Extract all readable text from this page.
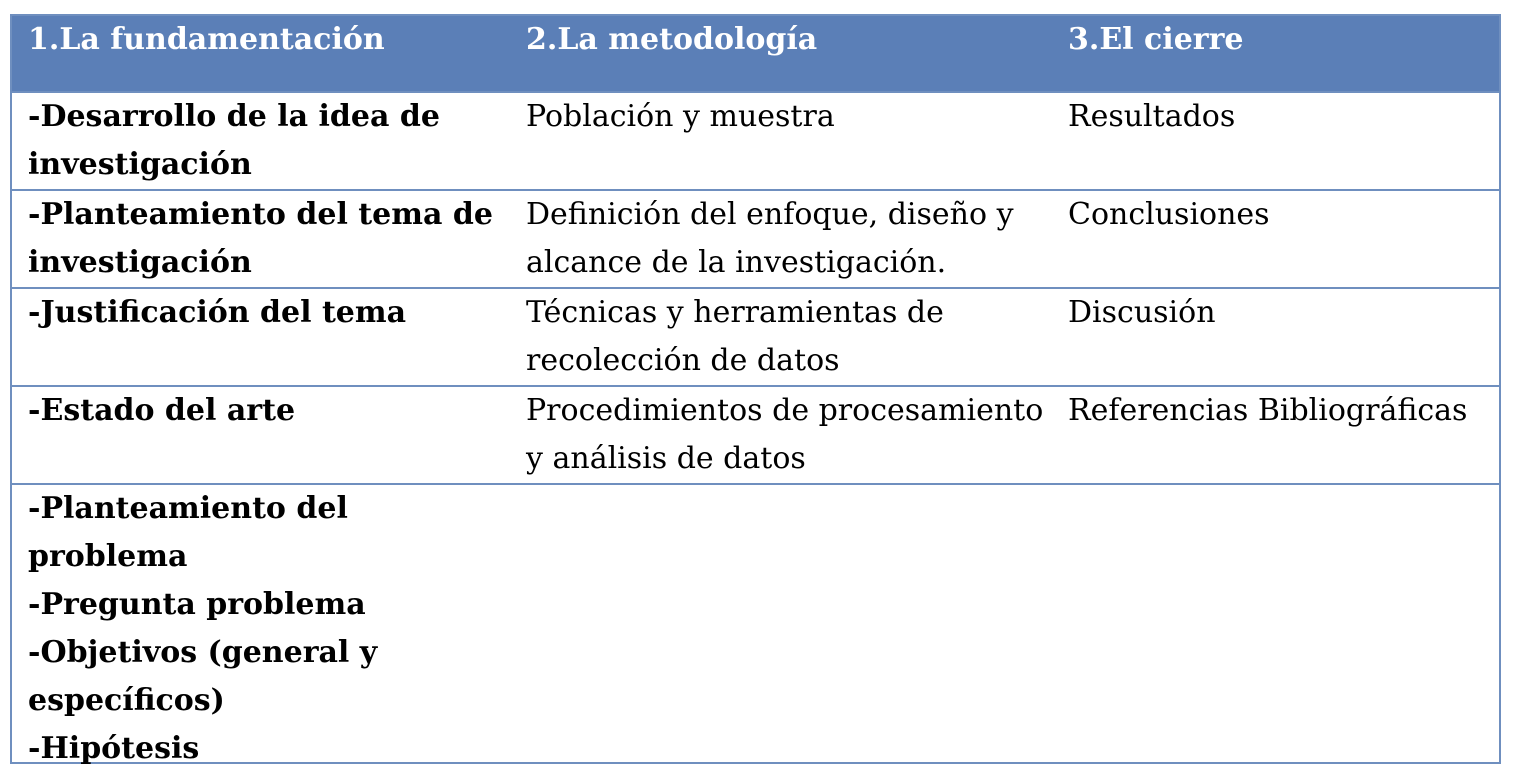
1.La fundamentación	2.La metodología	3.El cierre
-Desarrollo de la idea de investigación	Población y muestra	Resultados
-Planteamiento del tema de investigación	Definición del enfoque, diseño y alcance de la investigación.	Conclusiones
-Justificación del tema	Técnicas y herramientas de recolección de datos	Discusión
-Estado del arte	Procedimientos de procesamiento y análisis de datos	Referencias Bibliográficas

-Planteamiento del problema
-Pregunta problema
-Objetivos (general y específicos)
-Hipótesis		
